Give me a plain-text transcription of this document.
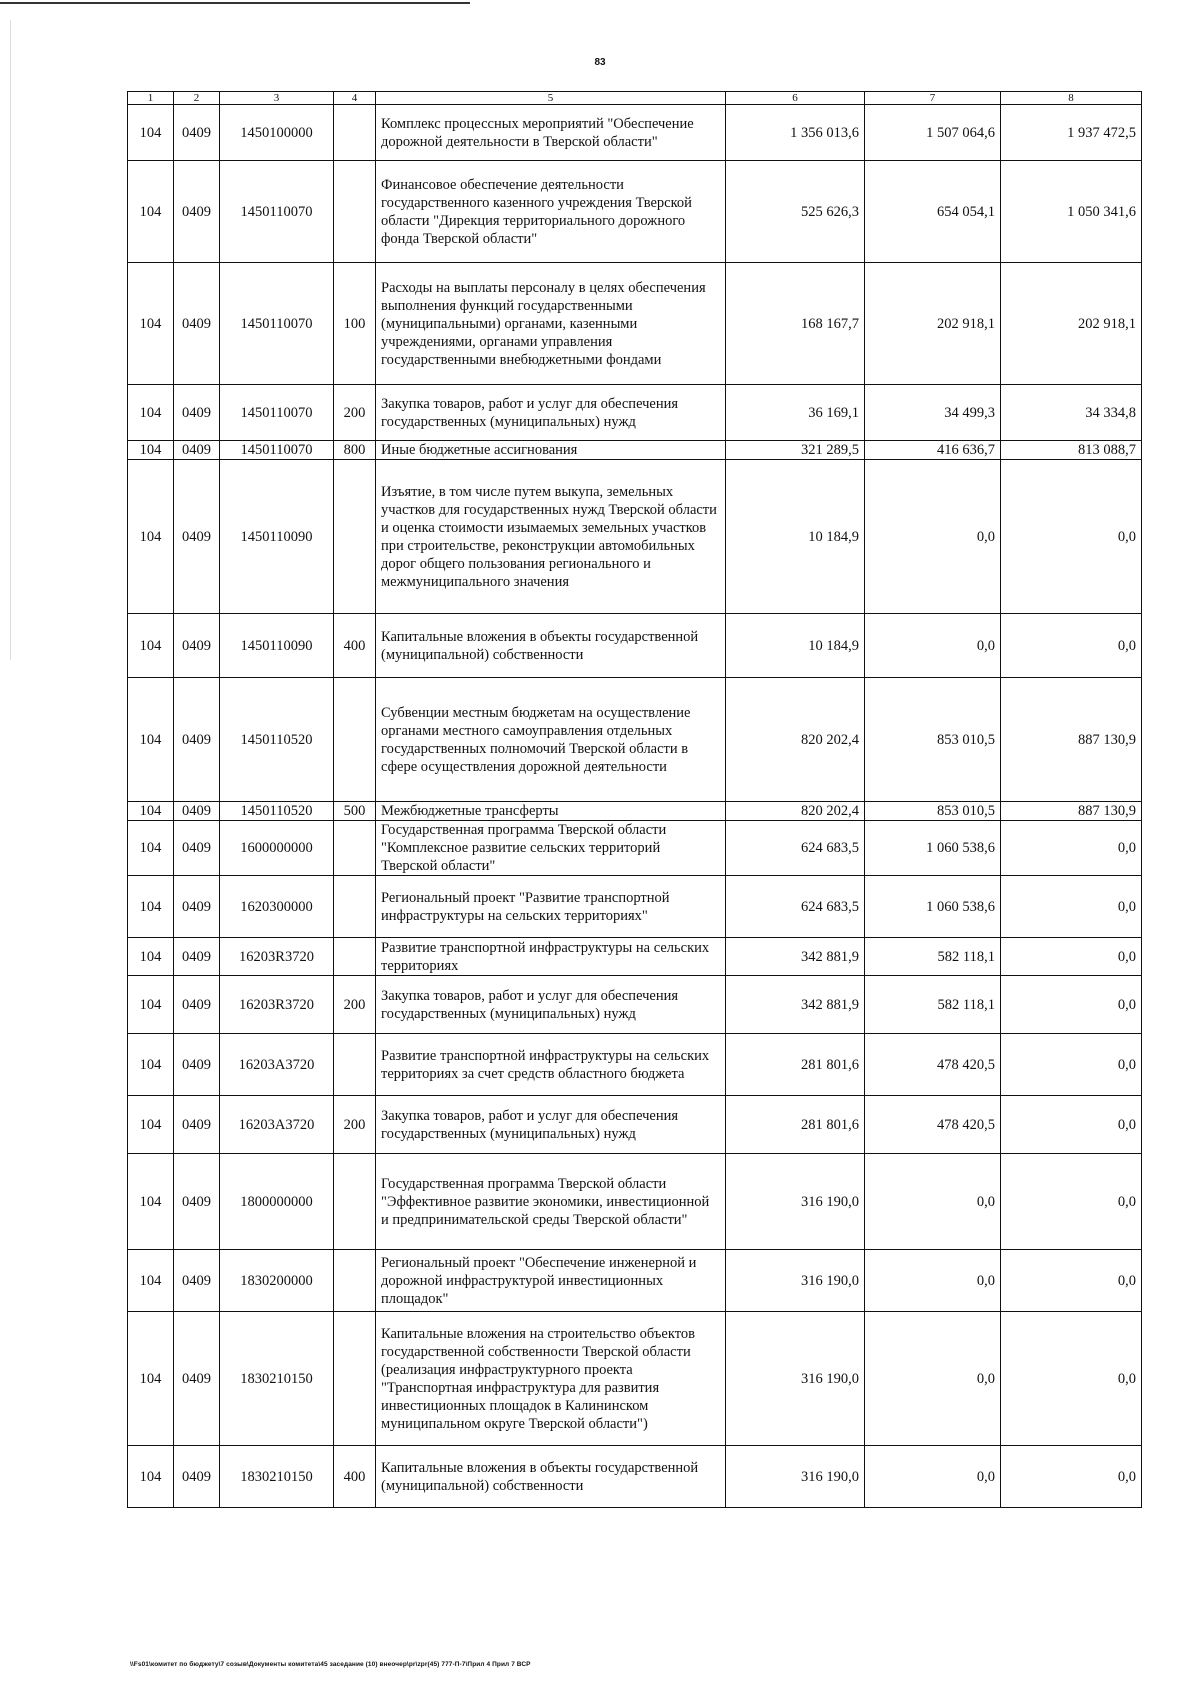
83
1	2	3	4	5	6	7	8
104	0409	1450100000		Комплекс процессных мероприятий "Обеспечение дорожной деятельности в Тверской области"	1 356 013,6	1 507 064,6	1 937 472,5
104	0409	1450110070		Финансовое обеспечение деятельности государственного казенного учреждения Тверской области "Дирекция территориального дорожного фонда Тверской области"	525 626,3	654 054,1	1 050 341,6
104	0409	1450110070	100	Расходы на выплаты персоналу в целях обеспечения выполнения функций государственными (муниципальными) органами, казенными учреждениями, органами управления государственными внебюджетными фондами	168 167,7	202 918,1	202 918,1
104	0409	1450110070	200	Закупка товаров, работ и услуг для обеспечения государственных (муниципальных) нужд	36 169,1	34 499,3	34 334,8
104	0409	1450110070	800	Иные бюджетные ассигнования	321 289,5	416 636,7	813 088,7
104	0409	1450110090		Изъятие, в том числе путем выкупа, земельных участков для государственных нужд Тверской области и оценка стоимости изымаемых земельных участков при строительстве, реконструкции автомобильных дорог общего пользования регионального и межмуниципального значения	10 184,9	0,0	0,0
104	0409	1450110090	400	Капитальные вложения в объекты государственной (муниципальной) собственности	10 184,9	0,0	0,0
104	0409	1450110520		Субвенции местным бюджетам на осуществление органами местного самоуправления отдельных государственных полномочий Тверской области в сфере осуществления дорожной деятельности	820 202,4	853 010,5	887 130,9
104	0409	1450110520	500	Межбюджетные трансферты	820 202,4	853 010,5	887 130,9
104	0409	1600000000		Государственная программа Тверской области "Комплексное развитие сельских территорий Тверской области"	624 683,5	1 060 538,6	0,0
104	0409	1620300000		Региональный проект "Развитие транспортной инфраструктуры на сельских территориях"	624 683,5	1 060 538,6	0,0
104	0409	16203R3720		Развитие транспортной инфраструктуры на сельских территориях	342 881,9	582 118,1	0,0
104	0409	16203R3720	200	Закупка товаров, работ и услуг для обеспечения государственных (муниципальных) нужд	342 881,9	582 118,1	0,0
104	0409	16203A3720		Развитие транспортной инфраструктуры на сельских территориях за счет средств областного бюджета	281 801,6	478 420,5	0,0
104	0409	16203A3720	200	Закупка товаров, работ и услуг для обеспечения государственных (муниципальных) нужд	281 801,6	478 420,5	0,0
104	0409	1800000000		Государственная программа Тверской области "Эффективное развитие экономики, инвестиционной и предпринимательской среды Тверской области"	316 190,0	0,0	0,0
104	0409	1830200000		Региональный проект "Обеспечение инженерной и дорожной инфраструктурой инвестиционных площадок"	316 190,0	0,0	0,0
104	0409	1830210150		Капитальные вложения на строительство объектов государственной собственности Тверской области (реализация инфраструктурного проекта "Транспортная инфраструктура для развития инвестиционных площадок в Калининском муниципальном округе Тверской области")	316 190,0	0,0	0,0
104	0409	1830210150	400	Капитальные вложения в объекты государственной (муниципальной) собственности	316 190,0	0,0	0,0
\\Fs01\комитет по бюджету\7 созыв\Документы комитета\45 заседание (10) внеочер\pr\zpr(45) 777-П-7\Прил 4 Прил 7 ВСР
